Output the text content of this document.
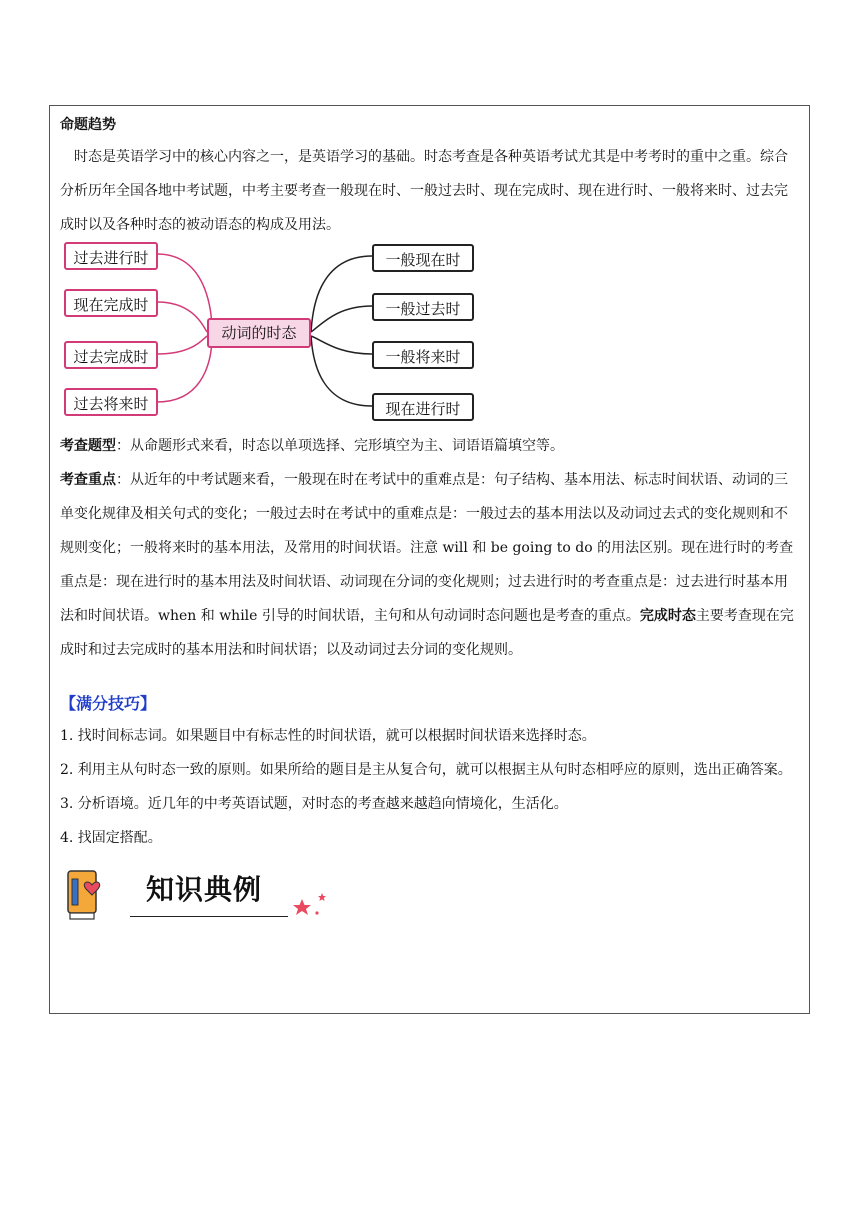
命题趋势

时态是英语学习中的核心内容之一，是英语学习的基础。时态考查是各种英语考试尤其是中考考时的重中之重。综合分析历年全国各地中考试题，中考主要考查一般现在时、一般过去时、现在完成时、现在进行时、一般将来时、过去完成时以及各种时态的被动语态的构成及用法。

过去进行时
现在完成时
过去完成时
过去将来时
动词的时态
一般现在时
一般过去时
一般将来时
现在进行时

考查题型：从命题形式来看，时态以单项选择、完形填空为主、词语语篇填空等。

考查重点：从近年的中考试题来看，一般现在时在考试中的重难点是：句子结构、基本用法、标志时间状语、动词的三单变化规律及相关句式的变化；一般过去时在考试中的重难点是：一般过去的基本用法以及动词过去式的变化规则和不规则变化；一般将来时的基本用法，及常用的时间状语。注意 will 和 be going to do 的用法区别。现在进行时的考查重点是：现在进行时的基本用法及时间状语、动词现在分词的变化规则；过去进行时的考查重点是：过去进行时基本用法和时间状语。when 和 while 引导的时间状语，主句和从句动词时态问题也是考查的重点。完成时态主要考查现在完成时和过去完成时的基本用法和时间状语；以及动词过去分词的变化规则。

【满分技巧】

1. 找时间标志词。如果题目中有标志性的时间状语，就可以根据时间状语来选择时态。

2. 利用主从句时态一致的原则。如果所给的题目是主从复合句，就可以根据主从句时态相呼应的原则，选出正确答案。

3. 分析语境。近几年的中考英语试题，对时态的考查越来越趋向情境化，生活化。

4. 找固定搭配。

知识典例
